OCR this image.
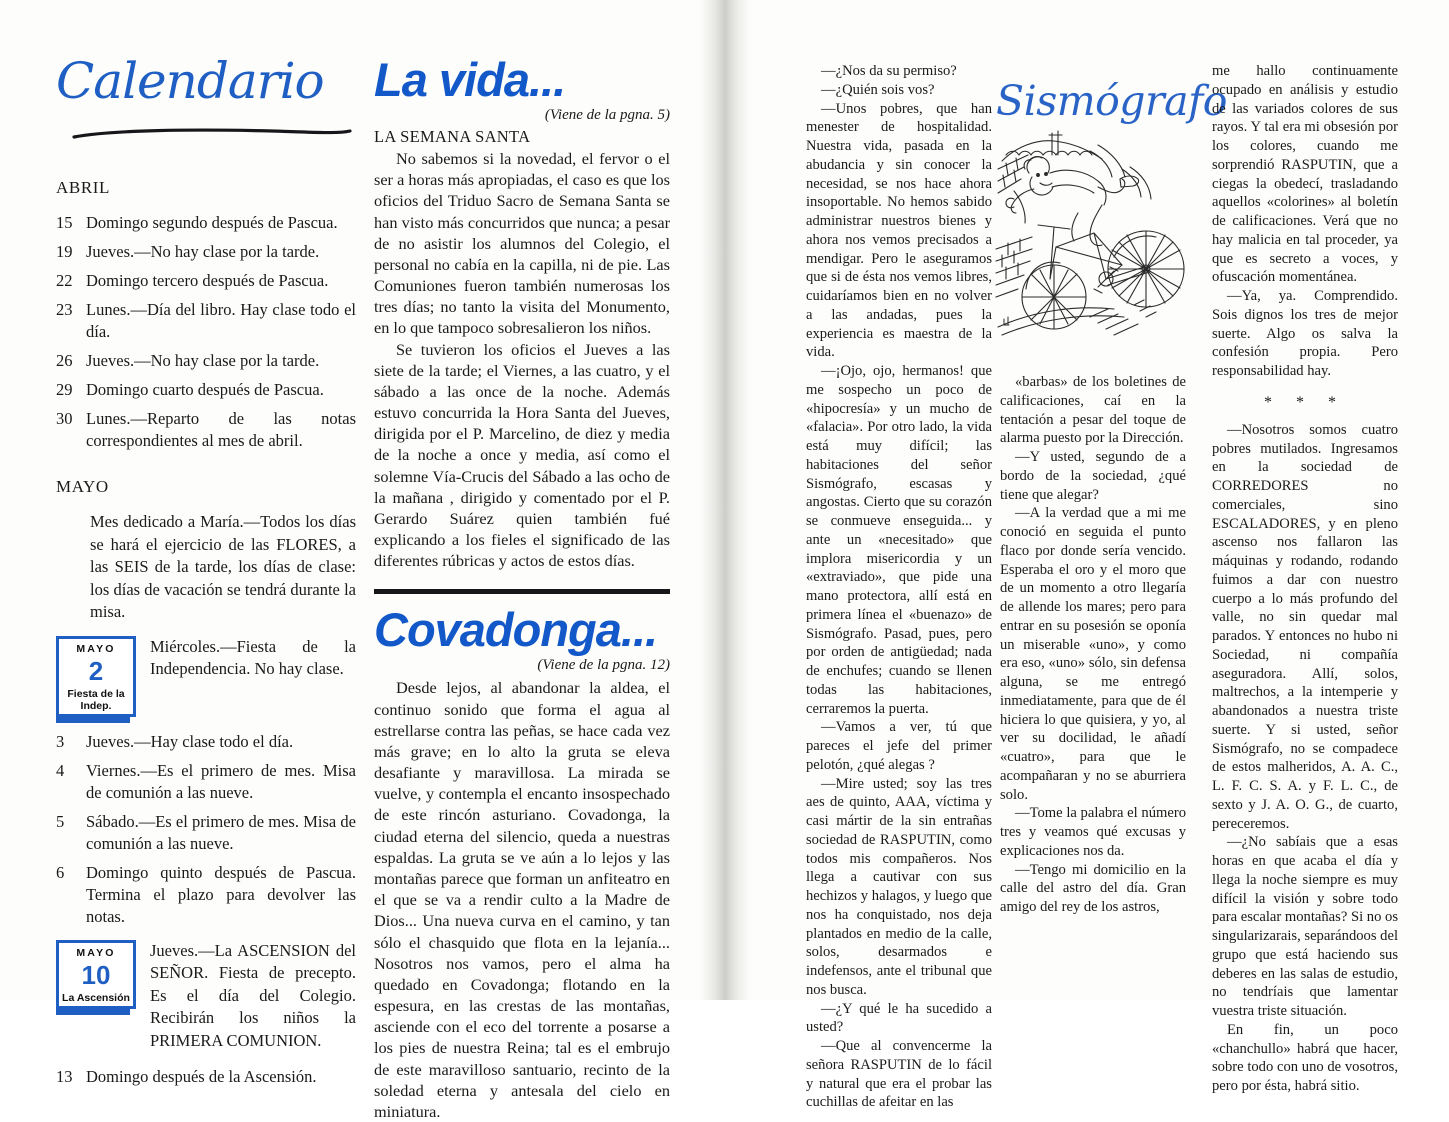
Calendario
ABRIL
15 Domingo segundo después de Pascua.
19 Jueves.—No hay clase por la tarde.
22 Domingo tercero después de Pascua.
23 Lunes.—Día del libro. Hay clase todo el día.
26 Jueves.—No hay clase por la tarde.
29 Domingo cuarto después de Pascua.
30 Lunes.—Reparto de las notas correspondientes al mes de abril.
MAYO
Mes dedicado a María.—Todos los días se hará el ejercicio de las FLORES, a las SEIS de la tarde, los días de clase: los días de vacación se tendrá durante la misa.
MAYO
2
Fiesta de la Indep.
Miércoles.—Fiesta de la Independencia. No hay clase.
3	Jueves.—Hay clase todo el día.
4	Viernes.—Es el primero de mes. Misa de comunión a las nueve.
5	Sábado.—Es el primero de mes. Misa de comunión a las nueve.
6	Domingo quinto después de Pascua. Termina el plazo para devolver las notas.
MAYO
10
La Ascensión
Jueves.—La ASCENSION del SEÑOR. Fiesta de precepto. Es el día del Colegio. Recibirán los niños la PRIMERA COMUNION.
13 Domingo después de la Ascensión.
La vida...
(Viene de la pgna. 5)
LA SEMANA SANTA

No sabemos si la novedad, el fervor o el ser a horas más apropiadas, el caso es que los oficios del Triduo Sacro de Semana Santa se han visto más concurridos que nunca; a pesar de no asistir los alumnos del Colegio, el personal no cabía en la capilla, ni de pie. Las Comuniones fueron también numerosas los tres días; no tanto la visita del Monumento, en lo que tampoco sobresalieron los niños.

Se tuvieron los oficios el Jueves a las siete de la tarde; el Viernes, a las cuatro, y el sábado a las once de la noche. Además estuvo concurrida la Hora Santa del Jueves, dirigida por el P. Marcelino, de diez y media de la noche a once y media, así como el solemne Vía-Crucis del Sábado a las ocho de la mañana , dirigido y comentado por el P. Gerardo Suárez quien también fué explicando a los fieles el significado de las diferentes rúbricas y actos de estos días.

Covadonga...
(Viene de la pgna. 12)

Desde lejos, al abandonar la aldea, el continuo sonido que forma el agua al estrellarse contra las peñas, se hace cada vez más grave; en lo alto la gruta se eleva desafiante y maravillosa. La mirada se vuelve, y contempla el encanto insospechado de este rincón asturiano. Covadonga, la ciudad eterna del silencio, queda a nuestras espaldas. La gruta se ve aún a lo lejos y las montañas parece que forman un anfiteatro en el que se va a rendir culto a la Madre de Dios... Una nueva curva en el camino, y tan sólo el chasquido que flota en la lejanía... Nosotros nos vamos, pero el alma ha quedado en Covadonga; flotando en la espesura, en las crestas de las montañas, asciende con el eco del torrente a posarse a los pies de nuestra Reina; tal es el embrujo de este maravilloso santuario, recinto de la soledad eterna y antesala del cielo en miniatura.

—¿Nos da su permiso?

—¿Quién sois vos?

—Unos pobres, que han menester de hospitalidad. Nuestra vida, pasada en la abudancia y sin conocer la necesidad, se nos hace ahora insoportable. No hemos sabido administrar nuestros bienes y ahora nos vemos precisados a mendigar. Pero le aseguramos que si de ésta nos vemos libres, cuidaríamos bien en no volver a las andadas, pues la experiencia es maestra de la vida.

—¡Ojo, ojo, hermanos! que me sospecho un poco de «hipocresía» y un mucho de «falacia». Por otro lado, la vida está muy difícil; las habitaciones del señor Sismógrafo, escasas y angostas. Cierto que su corazón se conmueve enseguida... y ante un «necesitado» que implora misericordia y un «extraviado», que pide una mano protectora, allí está en primera línea el «buenazo» de Sismógrafo. Pasad, pues, pero por orden de antigüedad; nada de enchufes; cuando se llenen todas las habitaciones, cerraremos la puerta.

—Vamos a ver, tú que pareces el jefe del primer pelotón, ¿qué alegas ?

—Mire usted; soy las tres aes de quinto, AAA, víctima y casi mártir de la sin entrañas sociedad de RASPUTIN, como todos mis compañeros. Nos llega a cautivar con sus hechizos y halagos, y luego que nos ha conquistado, nos deja plantados en medio de la calle, solos, desarmados e indefensos, ante el tribunal que nos busca.

—¿Y qué le ha sucedido a usted?

—Que al convencerme la señora RASPUTIN de lo fácil y natural que era el probar las cuchillas de afeitar en las

Sismógrafo

«barbas» de los boletines de calificaciones, caí en la tentación a pesar del toque de alarma puesto por la Dirección.

—Y usted, segundo de a bordo de la sociedad, ¿qué tiene que alegar?

—A la verdad que a mi me conoció en seguida el punto flaco por donde sería vencido. Esperaba el oro y el moro que de un momento a otro llegaría de allende los mares; pero para entrar en su posesión se oponía un miserable «uno», y como era eso, «uno» sólo, sin defensa alguna, se me entregó inmediatamente, para que de él hiciera lo que quisiera, y yo, al ver su docilidad, le añadí «cuatro», para que le acompañaran y no se aburriera solo.

—Tome la palabra el número tres y veamos qué excusas y explicaciones nos da.

—Tengo mi domicilio en la calle del astro del día. Gran amigo del rey de los astros,

me hallo continuamente ocupado en análisis y estudio de las variados colores de sus rayos. Y tal era mi obsesión por los colores, cuando me sorprendió RASPUTIN, que a ciegas la obedecí, trasladando aquellos «colorines» al boletín de calificaciones. Verá que no hay malicia en tal proceder, ya que es secreto a voces, y ofuscación momentánea.

—Ya, ya. Comprendido. Sois dignos los tres de mejor suerte. Algo os salva la confesión propia. Pero responsabilidad hay.

* * *

—Nosotros somos cuatro pobres mutilados. Ingresamos en la sociedad de CORREDORES no comerciales, sino ESCALADORES, y en pleno ascenso nos fallaron las máquinas y rodando, rodando fuimos a dar con nuestro cuerpo a lo más profundo del valle, no sin quedar mal parados. Y entonces no hubo ni Sociedad, ni compañía aseguradora. Allí, solos, maltrechos, a la intemperie y abandonados a nuestra triste suerte. Y si usted, señor Sismógrafo, no se compadece de estos malheridos, A. A. C., L. F. C. S. A. y F. L. C., de sexto y J. A. O. G., de cuarto, pereceremos.

—¿No sabíais que a esas horas en que acaba el día y llega la noche siempre es muy difícil la visión y sobre todo para escalar montañas? Si no os singularizarais, separándoos del grupo que está haciendo sus deberes en las salas de estudio, no tendríais que lamentar vuestra triste situación.

En fin, un poco «chanchullo» habrá que hacer, sobre todo con uno de vosotros, pero por ésta, habrá sitio.
